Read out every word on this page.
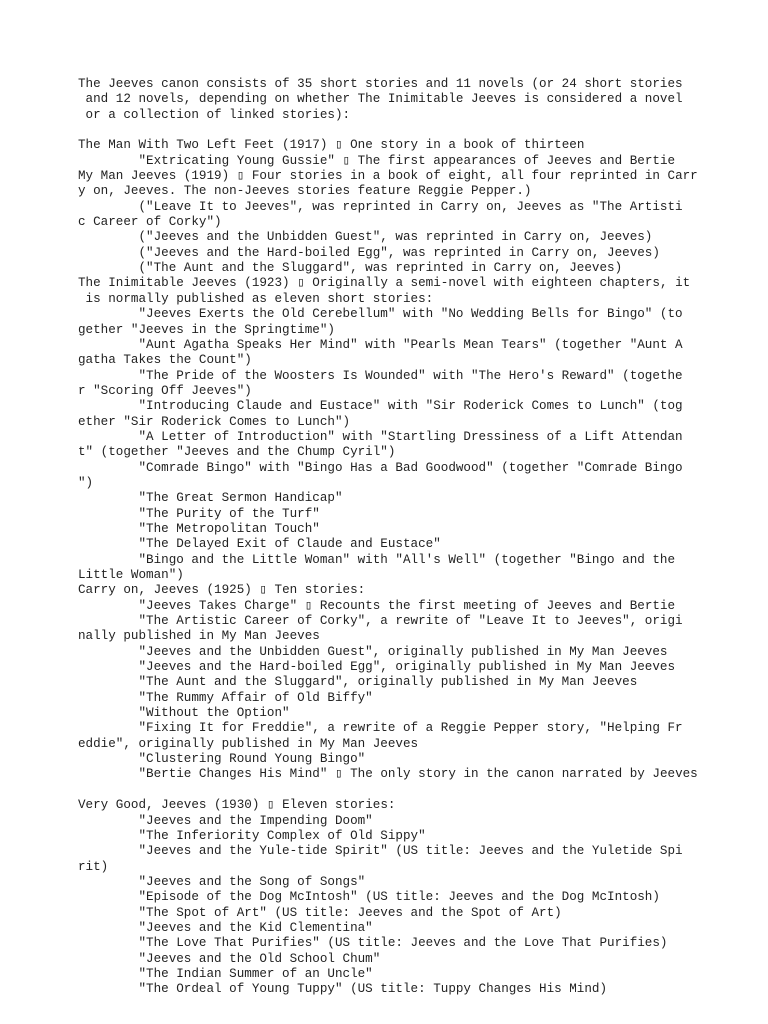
The Jeeves canon consists of 35 short stories and 11 novels (or 24 short stories
and 12 novels, depending on whether The Inimitable Jeeves is considered a novel
or a collection of linked stories):
The Man With Two Left Feet (1917) ▯ One story in a book of thirteen
"Extricating Young Gussie" ▯ The first appearances of Jeeves and Bertie
My Man Jeeves (1919) ▯ Four stories in a book of eight, all four reprinted in Carr
y on, Jeeves. The non-Jeeves stories feature Reggie Pepper.)
("Leave It to Jeeves", was reprinted in Carry on, Jeeves as "The Artisti
c Career of Corky")
("Jeeves and the Unbidden Guest", was reprinted in Carry on, Jeeves)
("Jeeves and the Hard-boiled Egg", was reprinted in Carry on, Jeeves)
("The Aunt and the Sluggard", was reprinted in Carry on, Jeeves)
The Inimitable Jeeves (1923) ▯ Originally a semi-novel with eighteen chapters, it
is normally published as eleven short stories:
"Jeeves Exerts the Old Cerebellum" with "No Wedding Bells for Bingo" (to
gether "Jeeves in the Springtime")
"Aunt Agatha Speaks Her Mind" with "Pearls Mean Tears" (together "Aunt A
gatha Takes the Count")
"The Pride of the Woosters Is Wounded" with "The Hero's Reward" (togethe
r "Scoring Off Jeeves")
"Introducing Claude and Eustace" with "Sir Roderick Comes to Lunch" (tog
ether "Sir Roderick Comes to Lunch")
"A Letter of Introduction" with "Startling Dressiness of a Lift Attendan
t" (together "Jeeves and the Chump Cyril")
"Comrade Bingo" with "Bingo Has a Bad Goodwood" (together "Comrade Bingo
")
"The Great Sermon Handicap"
"The Purity of the Turf"
"The Metropolitan Touch"
"The Delayed Exit of Claude and Eustace"
"Bingo and the Little Woman" with "All's Well" (together "Bingo and the
Little Woman")
Carry on, Jeeves (1925) ▯ Ten stories:
"Jeeves Takes Charge" ▯ Recounts the first meeting of Jeeves and Bertie
"The Artistic Career of Corky", a rewrite of "Leave It to Jeeves", origi
nally published in My Man Jeeves
"Jeeves and the Unbidden Guest", originally published in My Man Jeeves
"Jeeves and the Hard-boiled Egg", originally published in My Man Jeeves
"The Aunt and the Sluggard", originally published in My Man Jeeves
"The Rummy Affair of Old Biffy"
"Without the Option"
"Fixing It for Freddie", a rewrite of a Reggie Pepper story, "Helping Fr
eddie", originally published in My Man Jeeves
"Clustering Round Young Bingo"
"Bertie Changes His Mind" ▯ The only story in the canon narrated by Jeeves
Very Good, Jeeves (1930) ▯ Eleven stories:
"Jeeves and the Impending Doom"
"The Inferiority Complex of Old Sippy"
"Jeeves and the Yule-tide Spirit" (US title: Jeeves and the Yuletide Spi
rit)
"Jeeves and the Song of Songs"
"Episode of the Dog McIntosh" (US title: Jeeves and the Dog McIntosh)
"The Spot of Art" (US title: Jeeves and the Spot of Art)
"Jeeves and the Kid Clementina"
"The Love That Purifies" (US title: Jeeves and the Love That Purifies)
"Jeeves and the Old School Chum"
"The Indian Summer of an Uncle"
"The Ordeal of Young Tuppy" (US title: Tuppy Changes His Mind)
